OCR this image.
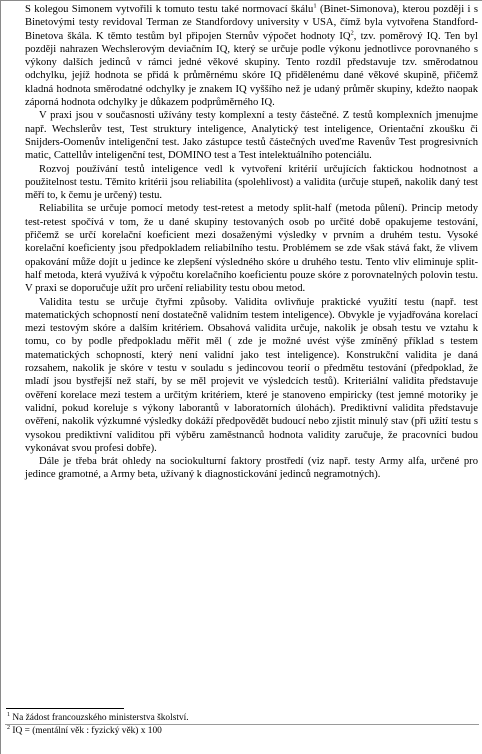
S kolegou Simonem vytvořili k tomuto testu také normovací škálu$^1$ (Binet-Simonova), kterou později i s Binetovými testy revidoval Terman ze Standfordovy university v USA, čímž byla vytvořena Standford-Binetova škála. K těmto testům byl připojen Sternův výpočet hodnoty IQ$^2$, tzv. poměrový IQ. Ten byl později nahrazen Wechslerovým deviačním IQ, který se určuje podle výkonu jednotlivce porovnaného s výkony dalších jedinců v rámci jedné věkové skupiny. Tento rozdíl představuje tzv. směrodatnou odchylku, jejíž hodnota se přidá k průměrnému skóre IQ přidělenému dané věkové skupině, přičemž kladná hodnota směrodatné odchylky je znakem IQ vyššího než je udaný průměr skupiny, kdežto naopak záporná hodnota odchylky je důkazem podprůměrného IQ.

V praxi jsou v současnosti užívány testy komplexní a testy částečné. Z testů komplexních jmenujme např. Wechslerův test, Test struktury inteligence, Analytický test inteligence, Orientační zkoušku či Snijders-Oomenův inteligenční test. Jako zástupce testů částečných uveďme Ravenův Test progresivních matic, Cattellův inteligenční test, DOMINO test a Test intelektuálního potenciálu.

Rozvoj používání testů inteligence vedl k vytvoření kritérií určujících faktickou hodnotnost a použitelnost testu. Těmito kritérii jsou reliabilita (spolehlivost) a validita (určuje stupeň, nakolik daný test měří to, k čemu je určený) testu.

Reliabilita se určuje pomocí metody test-retest a metody split-half (metoda půlení). Princip metody test-retest spočívá v tom, že u dané skupiny testovaných osob po určité době opakujeme testování, přičemž se určí korelační koeficient mezi dosaženými výsledky v prvním a druhém testu. Vysoké korelační koeficienty jsou předpokladem reliabilního testu. Problémem se zde však stává fakt, že vlivem opakování může dojít u jedince ke zlepšení výsledného skóre u druhého testu. Tento vliv eliminuje split-half metoda, která využívá k výpočtu korelačního koeficientu pouze skóre z porovnatelných polovin testu. V praxi se doporučuje užít pro určení reliability testu obou metod.

Validita testu se určuje čtyřmi způsoby. Validita ovlivňuje praktické využití testu (např. test matematických schopností není dostatečně validním testem inteligence). Obvykle je vyjadřována korelací mezi testovým skóre a dalším kritériem. Obsahová validita určuje, nakolik je obsah testu ve vztahu k tomu, co by podle předpokladu měřit měl ( zde je možné uvést výše zmíněný příklad s testem matematických schopností, který není validní jako test inteligence). Konstrukční validita je daná rozsahem, nakolik je skóre v testu v souladu s jedincovou teorií o předmětu testování (předpoklad, že mladí jsou bystřejší než staří, by se měl projevit ve výsledcích testů). Kriteriální validita představuje ověření korelace mezi testem a určitým kritériem, které je stanoveno empiricky (test jemné motoriky je validní, pokud koreluje s výkony laborantů v laboratorních úlohách). Prediktivní validita představuje ověření, nakolik výzkumné výsledky dokáží předpovědět budoucí nebo zjistit minulý stav (při užití testu s vysokou prediktivní validitou při výběru zaměstnanců hodnota validity zaručuje, že pracovníci budou vykonávat svou profesi dobře).

Dále je třeba brát ohledy na sociokulturní faktory prostředí (viz např. testy Army alfa, určené pro jedince gramotné, a Army beta, užívaný k diagnostickování jedinců negramotných).

$^1$ Na žádost francouzského ministerstva školství.
$^2$ IQ = (mentální věk : fyzický věk) x 100
